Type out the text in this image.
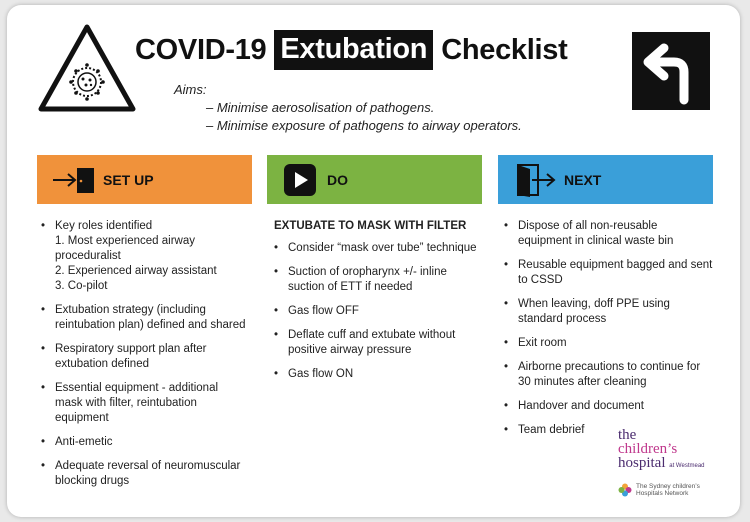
COVID-19 Extubation Checklist
Aims:
– Minimise aerosolisation of pathogens.
– Minimise exposure of pathogens to airway operators.
SET UP	DO	NEXT
• Key roles identified
1. Most experienced airway proceduralist
2. Experienced airway assistant
3. Co-pilot
• Extubation strategy (including reintubation plan) defined and shared
• Respiratory support plan after extubation defined
• Essential equipment - additional mask with filter, reintubation equipment
• Anti-emetic
• Adequate reversal of neuromuscular blocking drugs
EXTUBATE TO MASK WITH FILTER
• Consider “mask over tube” technique
• Suction of oropharynx +/- inline suction of ETT if needed
• Gas flow OFF
• Deflate cuff and extubate without positive airway pressure
• Gas flow ON
• Dispose of all non-reusable equipment in clinical waste bin
• Reusable equipment bagged and sent to CSSD
• When leaving, doff PPE using standard process
• Exit room
• Airborne precautions to continue for 30 minutes after cleaning
• Handover and document
• Team debrief	the
children’s
hospital at Westmead
The Sydney children’s
Hospitals Network
